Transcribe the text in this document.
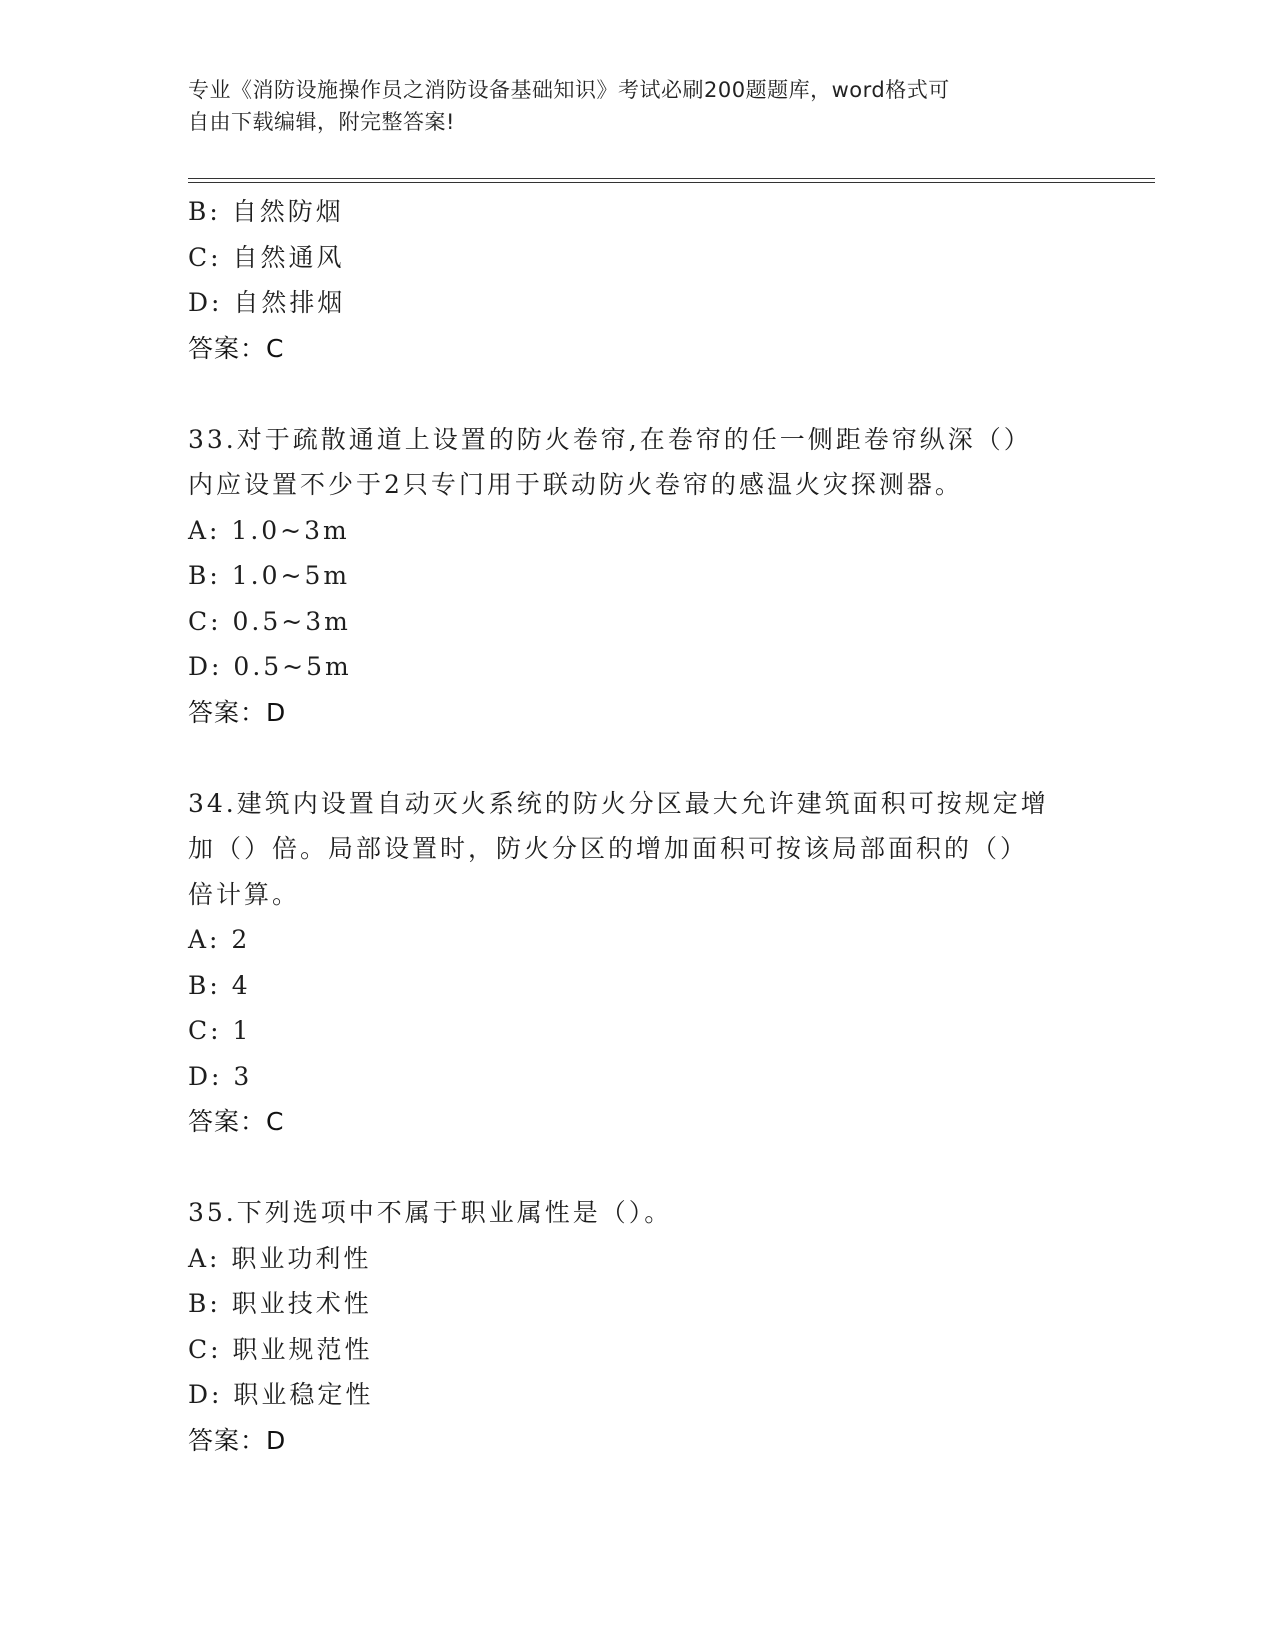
专业《消防设施操作员之消防设备基础知识》考试必刷200题题库，word格式可
自由下载编辑，附完整答案!
B: 自然防烟
C: 自然通风
D: 自然排烟
答案：C
33.对于疏散通道上设置的防火卷帘,在卷帘的任一侧距卷帘纵深（）
内应设置不少于2只专门用于联动防火卷帘的感温火灾探测器。
A: 1.0~3m
B: 1.0~5m
C: 0.5~3m
D: 0.5~5m
答案：D
34.建筑内设置自动灭火系统的防火分区最大允许建筑面积可按规定增
加（）倍。局部设置时，防火分区的增加面积可按该局部面积的（）
倍计算。
A: 2
B: 4
C: 1
D: 3
答案：C
35.下列选项中不属于职业属性是（）。
A: 职业功利性
B: 职业技术性
C: 职业规范性
D: 职业稳定性
答案：D
